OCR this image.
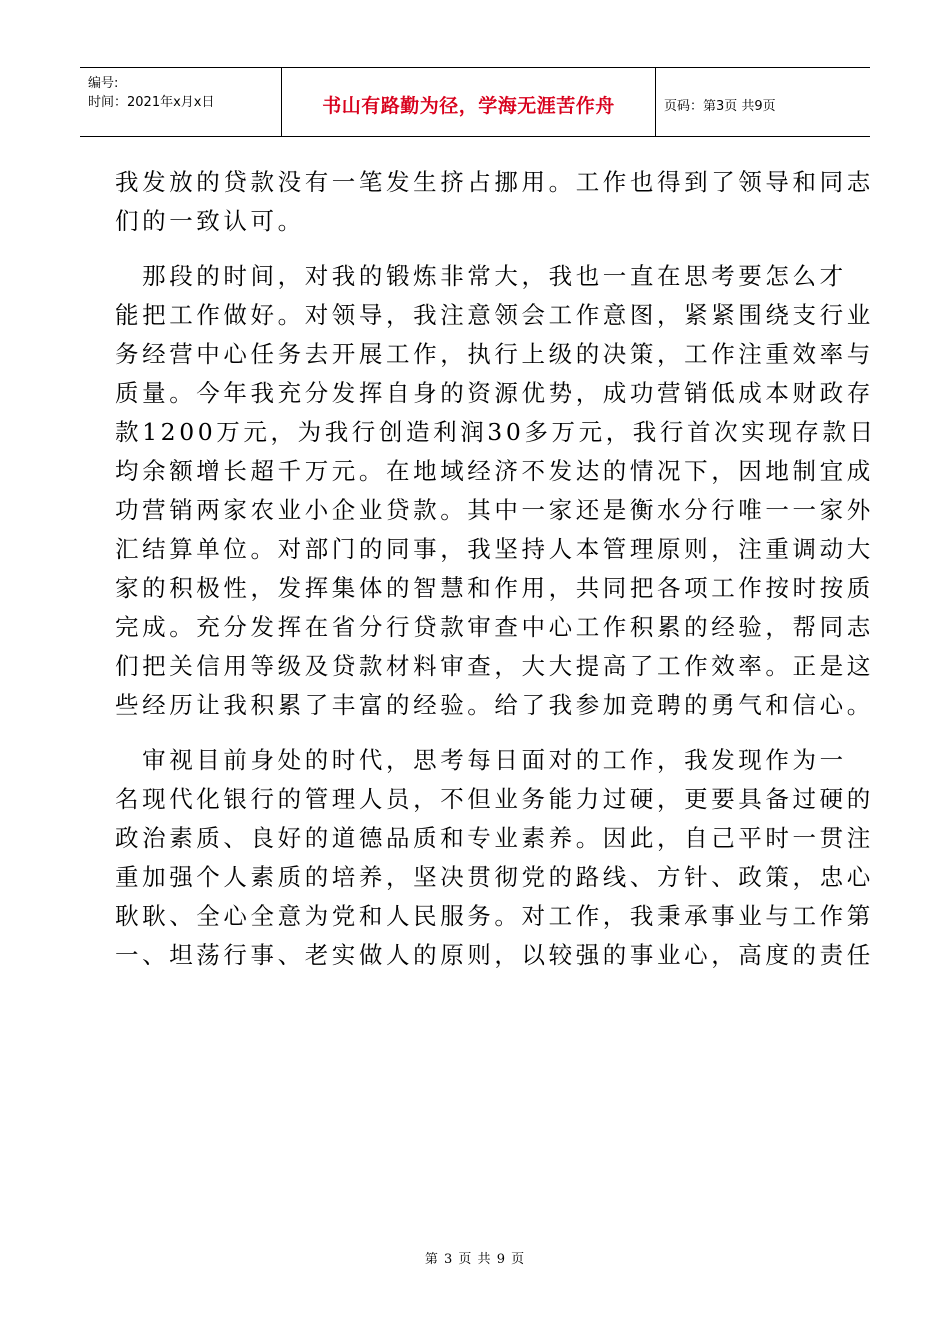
编号:
时间：2021年x月x日	书山有路勤为径，学海无涯苦作舟	页码：第3页 共9页
我发放的贷款没有一笔发生挤占挪用。工作也得到了领导和同志
们的一致认可。
　那段的时间，对我的锻炼非常大，我也一直在思考要怎么才
能把工作做好。对领导，我注意领会工作意图，紧紧围绕支行业
务经营中心任务去开展工作，执行上级的决策，工作注重效率与
质量。今年我充分发挥自身的资源优势，成功营销低成本财政存
款1200万元，为我行创造利润30多万元，我行首次实现存款日
均余额增长超千万元。在地域经济不发达的情况下，因地制宜成
功营销两家农业小企业贷款。其中一家还是衡水分行唯一一家外
汇结算单位。对部门的同事，我坚持人本管理原则，注重调动大
家的积极性，发挥集体的智慧和作用，共同把各项工作按时按质
完成。充分发挥在省分行贷款审查中心工作积累的经验，帮同志
们把关信用等级及贷款材料审查，大大提高了工作效率。正是这
些经历让我积累了丰富的经验。给了我参加竞聘的勇气和信心。
　审视目前身处的时代，思考每日面对的工作，我发现作为一
名现代化银行的管理人员，不但业务能力过硬，更要具备过硬的
政治素质、良好的道德品质和专业素养。因此，自己平时一贯注
重加强个人素质的培养，坚决贯彻党的路线、方针、政策，忠心
耿耿、全心全意为党和人民服务。对工作，我秉承事业与工作第
一、坦荡行事、老实做人的原则，以较强的事业心，高度的责任
第 3 页 共 9 页
